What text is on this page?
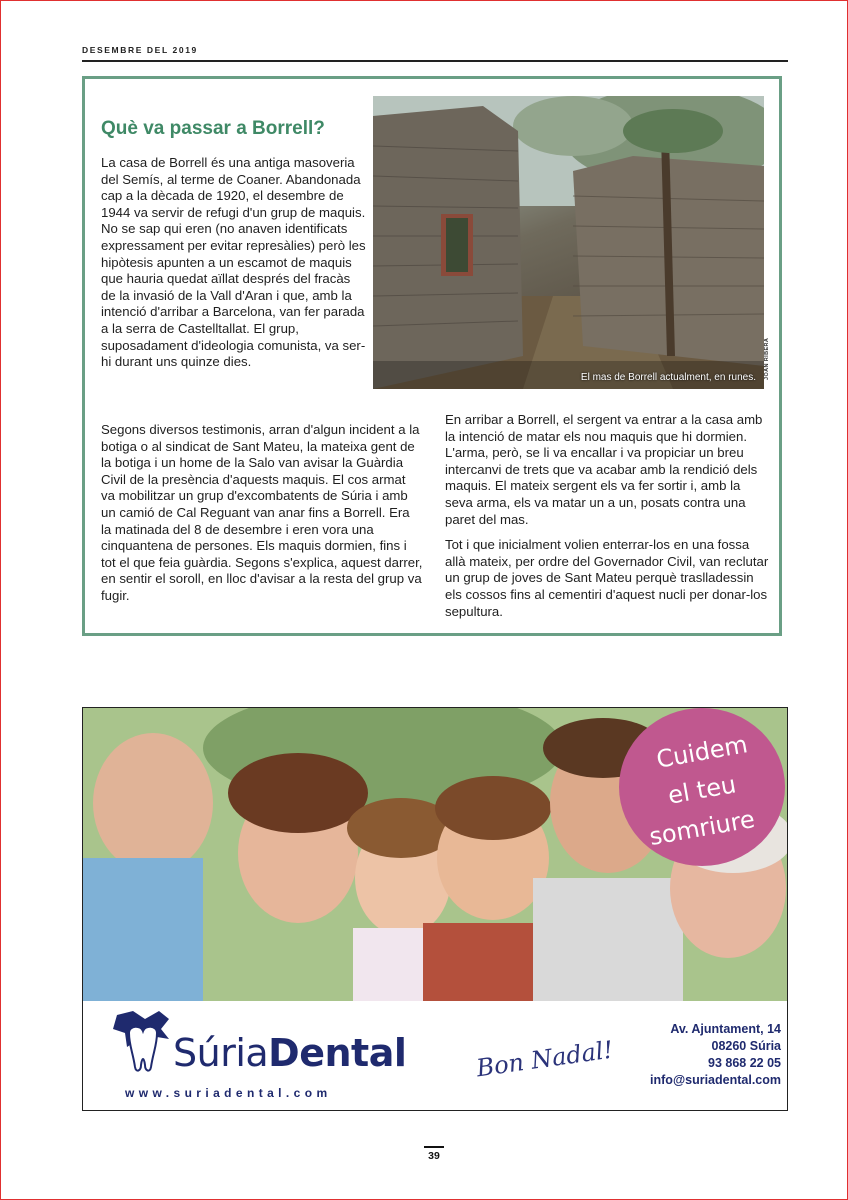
DESEMBRE DEL 2019
Què va passar a Borrell?
El mas de Borrell actualment, en runes. JOAN RIBERA

La casa de Borrell és una antiga masoveria del Semís, al terme de Coaner. Abandonada cap a la dècada de 1920, el desembre de 1944 va servir de refugi d'un grup de maquis. No se sap qui eren (no anaven identificats expressament per evitar represàlies) però les hipòtesis apunten a un escamot de maquis que hauria quedat aïllat després del fracàs de la invasió de la Vall d'Aran i que, amb la intenció d'arribar a Barcelona, van fer parada a la serra de Castelltallat. El grup, suposadament d'ideologia comunista, va ser-hi durant uns quinze dies.

Segons diversos testimonis, arran d'algun incident a la botiga o al sindicat de Sant Mateu, la mateixa gent de la botiga i un home de la Salo van avisar la Guàrdia Civil de la presència d'aquests maquis. El cos armat va mobilitzar un grup d'excombatents de Súria i amb un camió de Cal Reguant van anar fins a Borrell. Era la matinada del 8 de desembre i eren vora una cinquantena de persones. Els maquis dormien, fins i tot el que feia guàrdia. Segons s'explica, aquest darrer, en sentir el soroll, en lloc d'avisar a la resta del grup va fugir.

En arribar a Borrell, el sergent va entrar a la casa amb la intenció de matar els nou maquis que hi dormien. L'arma, però, se li va encallar i va propiciar un breu intercanvi de trets que va acabar amb la rendició dels maquis. El mateix sergent els va fer sortir i, amb la seva arma, els va matar un a un, posats contra una paret del mas.

Tot i que inicialment volien enterrar-los en una fossa allà mateix, per ordre del Governador Civil, van reclutar un grup de joves de Sant Mateu perquè traslladessin els cossos fins al cementiri d'aquest nucli per donar-los sepultura.

Cuidem
el teu
somriure
SúriaDental
www.suriadental.com
Bon Nadal!
Av. Ajuntament, 14
08260 Súria
93 868 22 05
info@suriadental.com
39
